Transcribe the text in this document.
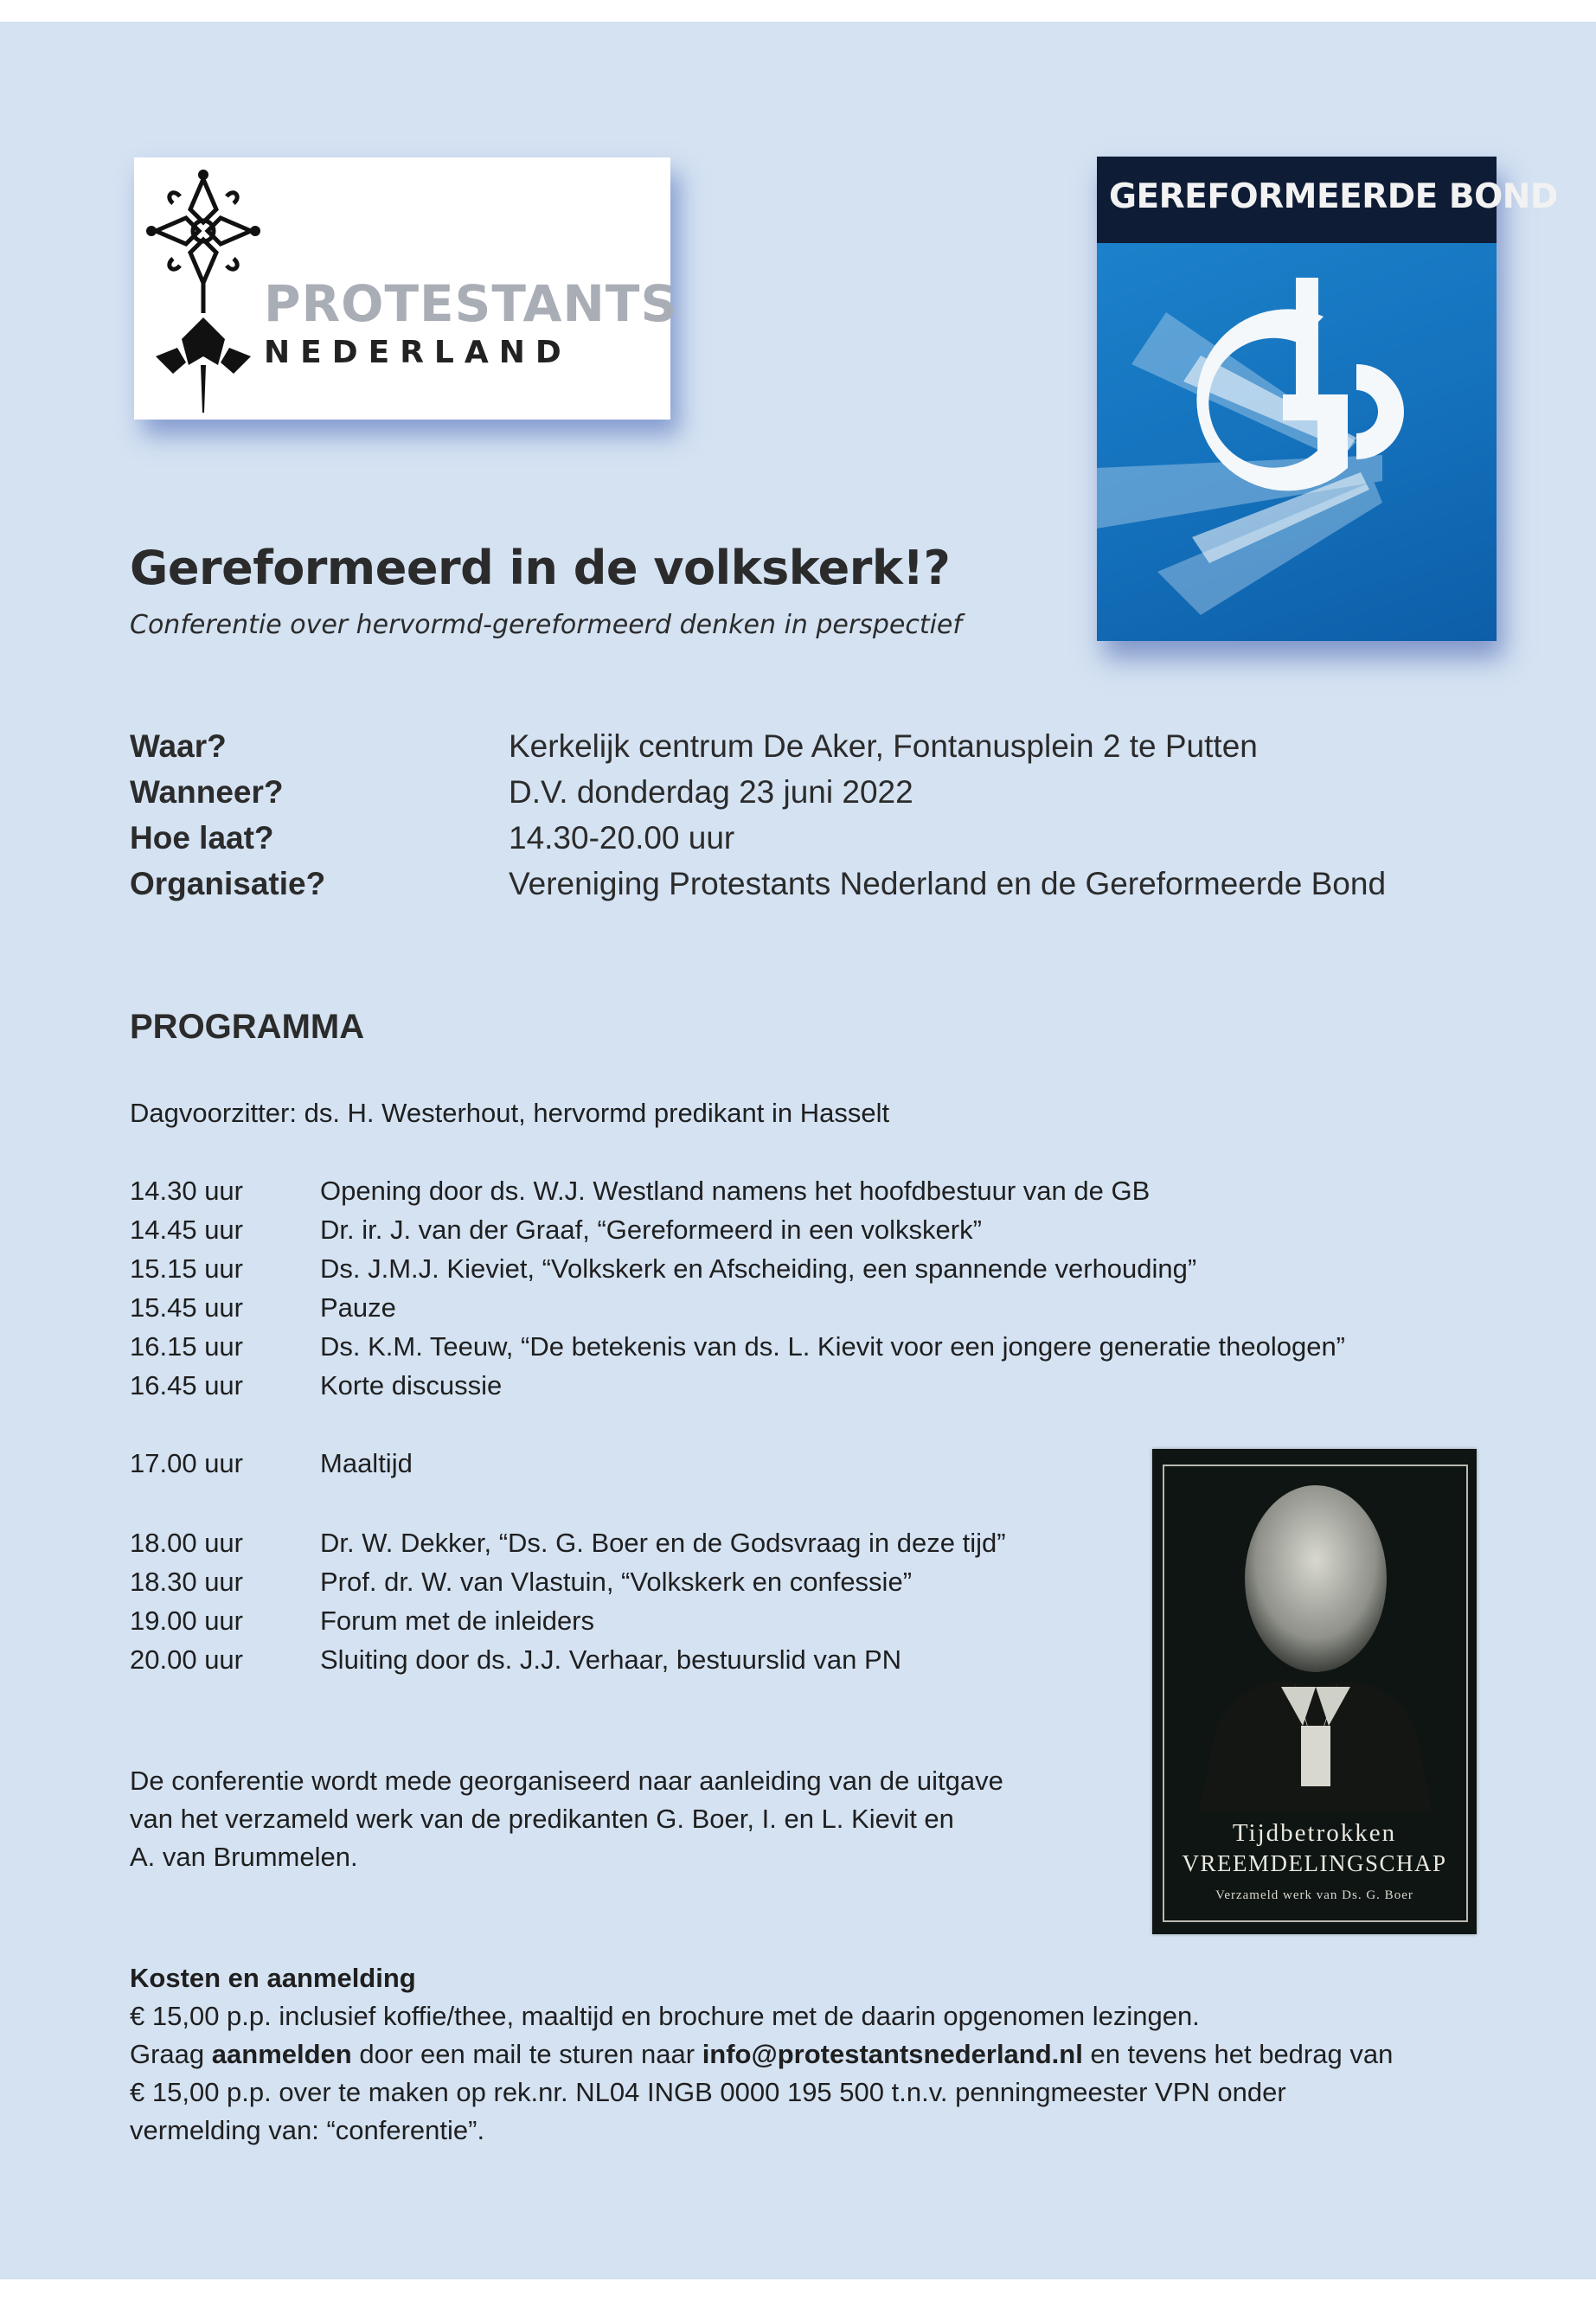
PROTESTANTS
NEDERLAND
GEREFORMEERDE BOND
Gereformeerd in de volkskerk!?
Conferentie over hervormd-gereformeerd denken in perspectief
Waar?	Kerkelijk centrum De Aker, Fontanusplein 2 te Putten
Wanneer?	D.V. donderdag 23 juni 2022
Hoe laat?	14.30-20.00 uur
Organisatie?	Vereniging Protestants Nederland en de Gereformeerde Bond
PROGRAMMA
Dagvoorzitter: ds. H. Westerhout, hervormd predikant in Hasselt
14.30 uur	Opening door ds. W.J. Westland namens het hoofdbestuur van de GB
14.45 uur	Dr. ir. J. van der Graaf, “Gereformeerd in een volkskerk”
15.15 uur	Ds. J.M.J. Kieviet, “Volkskerk en Afscheiding, een spannende verhouding”
15.45 uur	Pauze
16.15 uur	Ds. K.M. Teeuw, “De betekenis van ds. L. Kievit voor een jongere generatie theologen”
16.45 uur	Korte discussie
17.00 uur	Maaltijd
18.00 uur	Dr. W. Dekker, “Ds. G. Boer en de Godsvraag in deze tijd”
18.30 uur	Prof. dr. W. van Vlastuin, “Volkskerk en confessie”
19.00 uur	Forum met de inleiders
20.00 uur	Sluiting door ds. J.J. Verhaar, bestuurslid van PN
Tijdbetrokken
VREEMDELINGSCHAP
Verzameld werk van Ds. G. Boer
De conferentie wordt mede georganiseerd naar aanleiding van de uitgave
van het verzameld werk van de predikanten G. Boer, I. en L. Kievit en
A. van Brummelen.
Kosten en aanmelding
€ 15,00 p.p. inclusief koffie/thee, maaltijd en brochure met de daarin opgenomen lezingen.
Graag aanmelden door een mail te sturen naar info@protestantsnederland.nl en tevens het bedrag van
€ 15,00 p.p. over te maken op rek.nr. NL04 INGB 0000 195 500 t.n.v. penningmeester VPN onder
vermelding van: “conferentie”.
